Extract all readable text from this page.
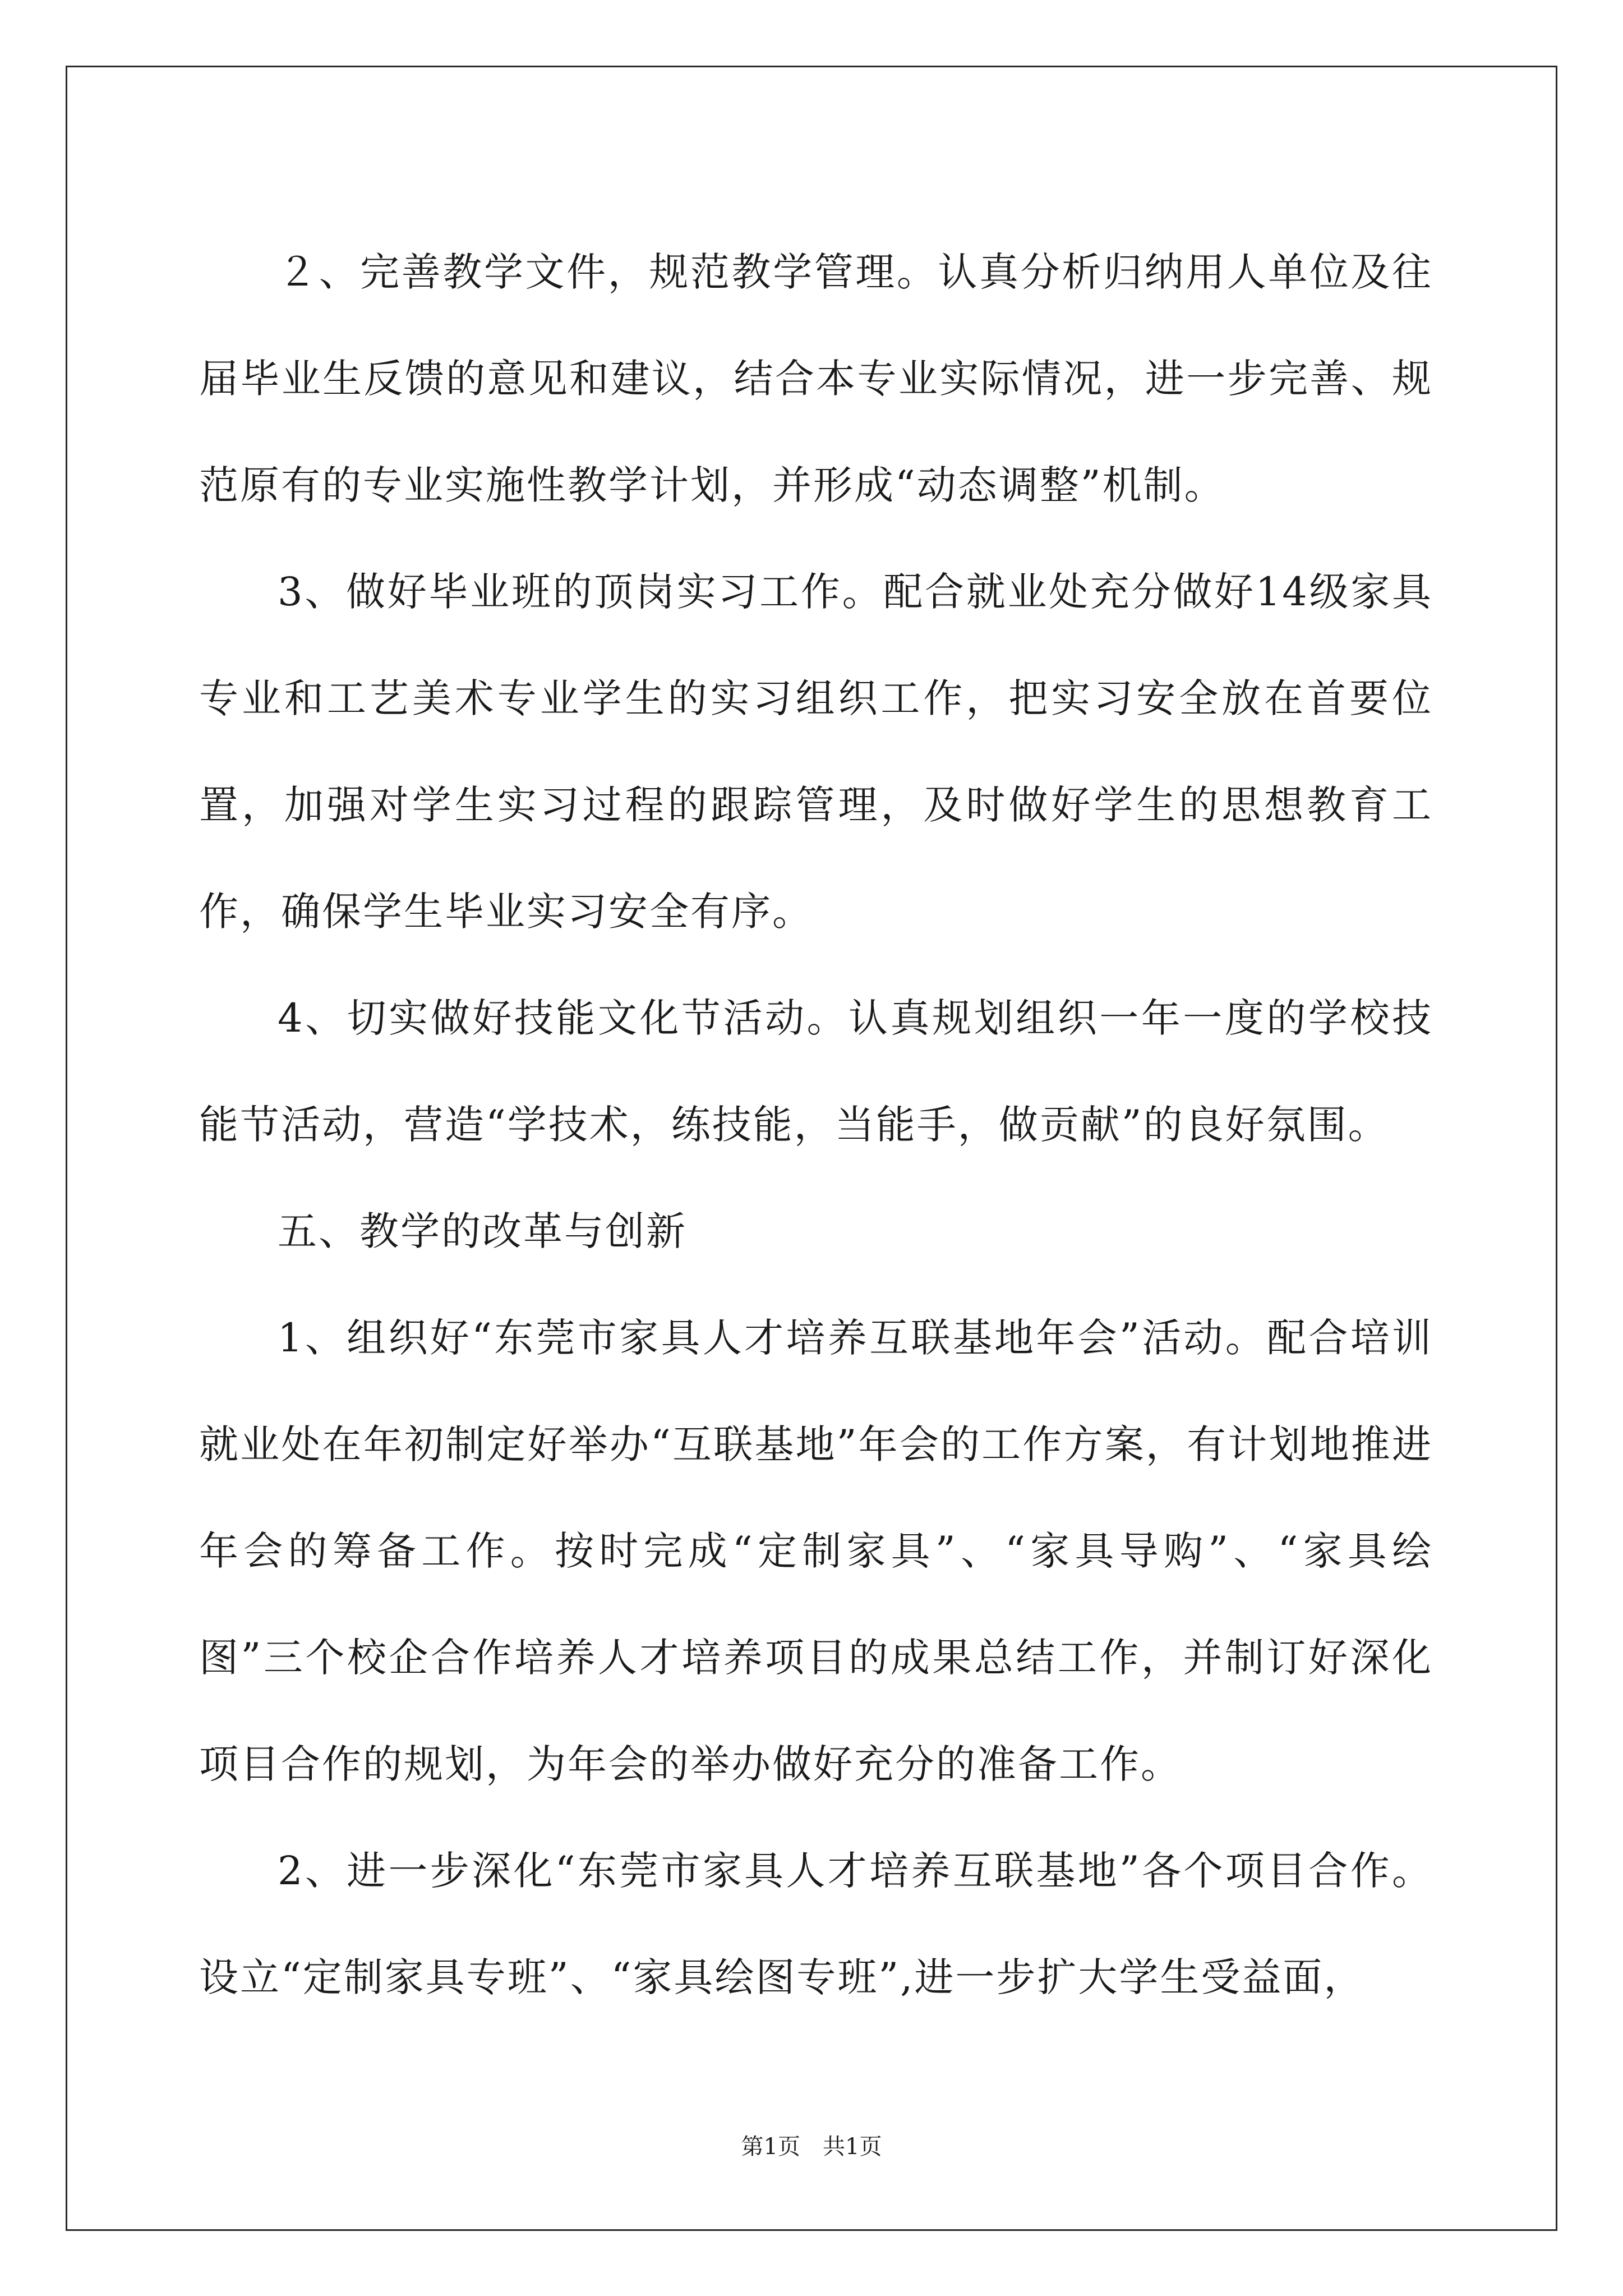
２、完善教学文件，规范教学管理。认真分析归纳用人单位及往届毕业生反馈的意见和建议，结合本专业实际情况，进一步完善、规范原有的专业实施性教学计划，并形成“动态调整”机制。

3、做好毕业班的顶岗实习工作。配合就业处充分做好14级家具专业和工艺美术专业学生的实习组织工作，把实习安全放在首要位置，加强对学生实习过程的跟踪管理，及时做好学生的思想教育工作，确保学生毕业实习安全有序。

4、切实做好技能文化节活动。认真规划组织一年一度的学校技能节活动，营造“学技术，练技能，当能手，做贡献”的良好氛围。

五、教学的改革与创新

1、组织好“东莞市家具人才培养互联基地年会”活动。配合培训就业处在年初制定好举办“互联基地”年会的工作方案，有计划地推进年会的筹备工作。按时完成“定制家具”、“家具导购”、“家具绘图”三个校企合作培养人才培养项目的成果总结工作，并制订好深化项目合作的规划，为年会的举办做好充分的准备工作。

2、进一步深化“东莞市家具人才培养互联基地”各个项目合作。设立“定制家具专班”、“家具绘图专班”,进一步扩大学生受益面，

第1页 共1页
